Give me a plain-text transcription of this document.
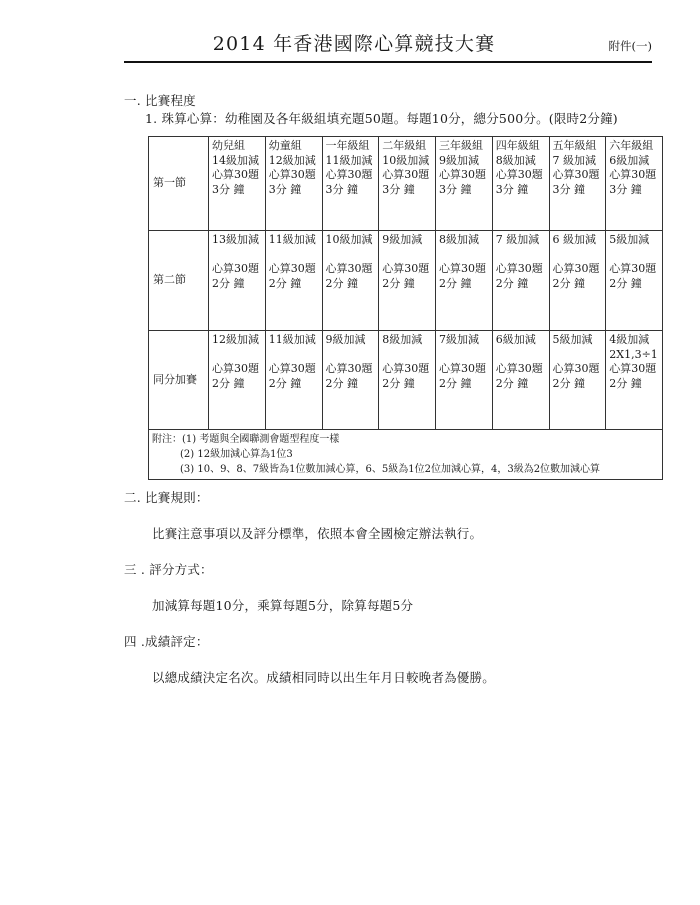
2014 年香港國際心算競技大賽	附件(一)
一. 比賽程度
1. 珠算心算：幼稚園及各年級組填充題50題。每題10分，總分500分。(限時2分鐘)
第一節	幼兒組
14級加減
心算30題
3分 鐘	幼童組
12級加減
心算30題
3分 鐘	一年級組
11級加減
心算30題
3分 鐘	二年級組
10級加減
心算30題
3分 鐘	三年級組
9級加減
心算30題
3分 鐘	四年級組
8級加減
心算30題
3分 鐘	五年級組
7 級加減
心算30題
3分 鐘	六年級組
6級加減
心算30題
3分 鐘

第二節	13級加減
心算30題
2分 鐘	11級加減
心算30題
2分 鐘	10級加減
心算30題
2分 鐘	9級加減
心算30題
2分 鐘	8級加減
心算30題
2分 鐘	7 級加減
心算30題
2分 鐘	6 級加減
心算30題
2分 鐘	5級加減
心算30題
2分 鐘

同分加賽	12級加減
心算30題
2分 鐘	11級加減
心算30題
2分 鐘	9級加減
心算30題
2分 鐘	8級加減
心算30題
2分 鐘	7級加減
心算30題
2分 鐘	6級加減
心算30題
2分 鐘	5級加減
心算30題
2分 鐘	4級加減
2X1,3÷1
心算30題
2分 鐘

附注：(1) 考題與全國聯測會題型程度一樣
(2) 12級加減心算為1位3
(3) 10、9、8、7級皆為1位數加減心算，6、5級為1位2位加減心算，4，3級為2位數加減心算								
二. 比賽規則：
比賽注意事項以及評分標準，依照本會全國檢定辦法執行。
三 . 評分方式：
加減算每題10分，乘算每題5分，除算每題5分
四 .成績評定：
以總成績決定名次。成績相同時以出生年月日較晚者為優勝。
